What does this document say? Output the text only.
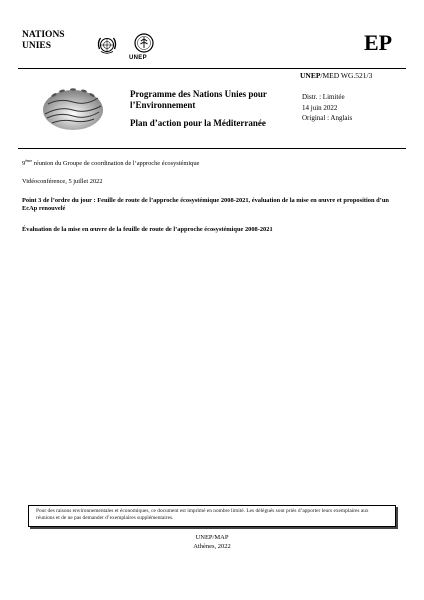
NATIONS
UNIES
UNEP
EP
UNEP/MED WG.521/3
Programme des Nations Unies pour l’Environnement
Plan d’action pour la Méditerranée
Distr. : Limitée
14 juin 2022
Original : Anglais
9ème réunion du Groupe de coordination de l’approche écosystémique
Vidéoconférence, 5 juillet 2022
Point 3 de l’ordre du jour : Feuille de route de l’approche écosystémique 2008-2021, évaluation de la mise en œuvre et proposition d’un EcAp renouvelé
Évaluation de la mise en œuvre de la feuille de route de l’approche écosystémique 2008-2021
Pour des raisons environnementales et économiques, ce document est imprimé en nombre limité. Les délégués sont priés d’apporter leurs exemplaires aux réunions et de ne pas demander d’exemplaires supplémentaires.
UNEP/MAP
Athènes, 2022
